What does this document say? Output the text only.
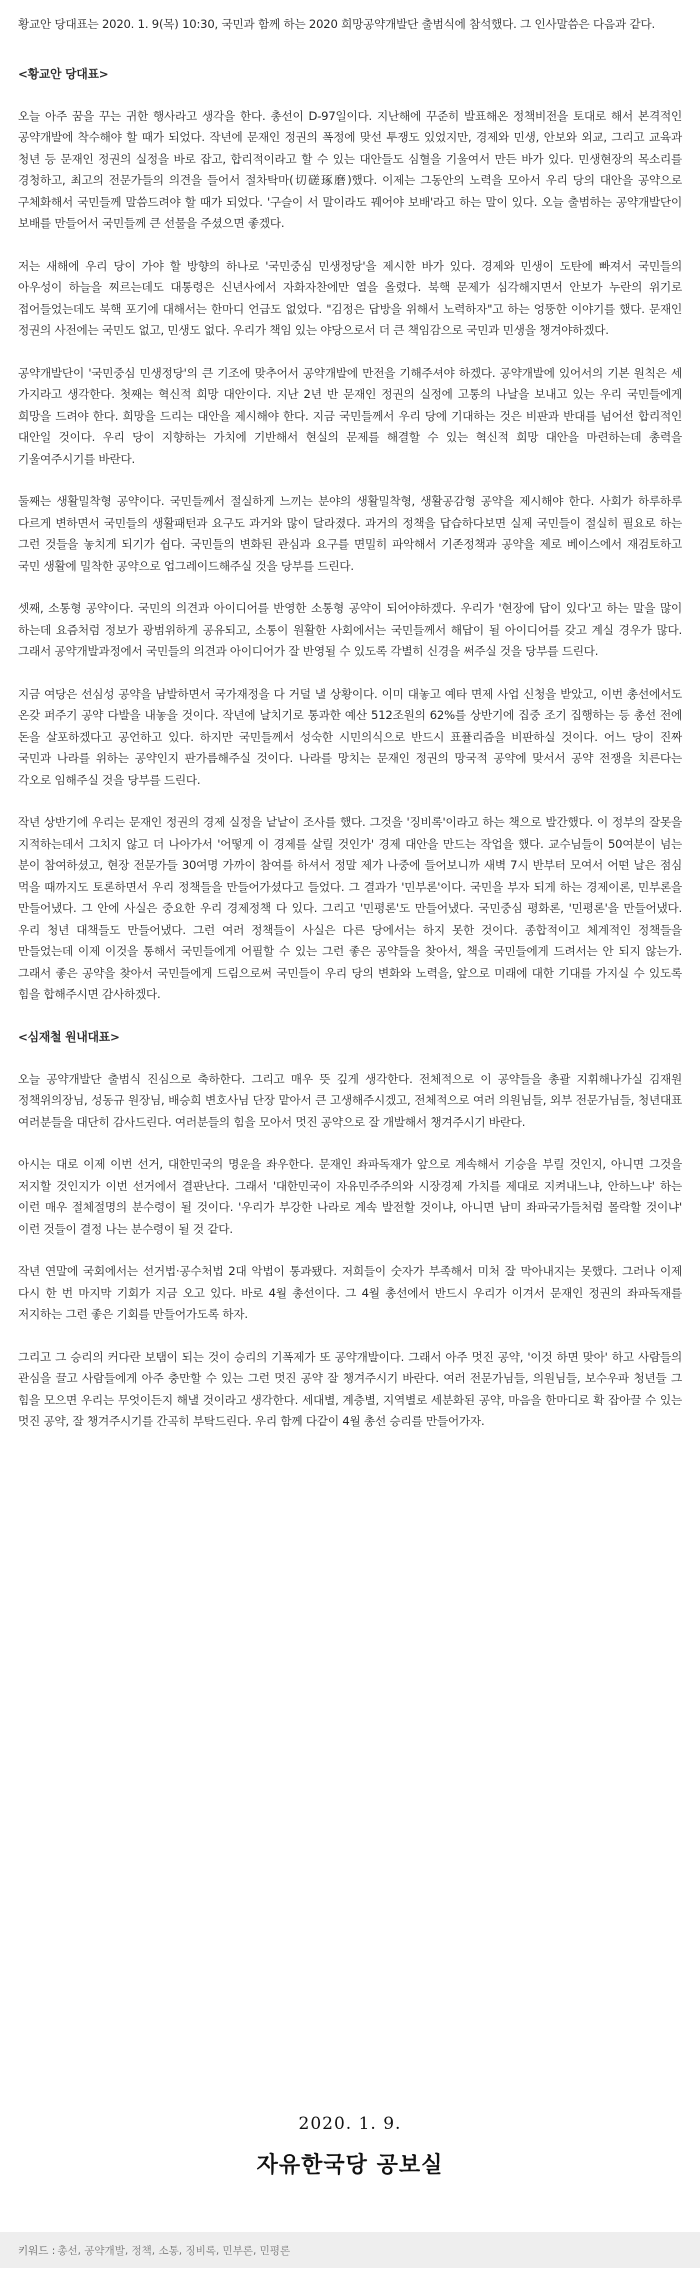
황교안 당대표는 2020. 1. 9(목) 10:30, 국민과 함께 하는 2020 희망공약개발단 출범식에 참석했다. 그 인사말씀은 다음과 같다.

<황교안 당대표>

오늘 아주 꿈을 꾸는 귀한 행사라고 생각을 한다. 총선이 D-97일이다. 지난해에 꾸준히 발표해온 정책비전을 토대로 해서 본격적인 공약개발에 착수해야 할 때가 되었다. 작년에 문재인 정권의 폭정에 맞선 투쟁도 있었지만, 경제와 민생, 안보와 외교, 그리고 교육과 청년 등 문재인 정권의 실정을 바로 잡고, 합리적이라고 할 수 있는 대안들도 심혈을 기울여서 만든 바가 있다. 민생현장의 목소리를 경청하고, 최고의 전문가들의 의견을 들어서 절차탁마(切磋琢磨)했다. 이제는 그동안의 노력을 모아서 우리 당의 대안을 공약으로 구체화해서 국민들께 말씀드려야 할 때가 되었다. '구슬이 서 말이라도 꿰어야 보배'라고 하는 말이 있다. 오늘 출범하는 공약개발단이 보배를 만들어서 국민들께 큰 선물을 주셨으면 좋겠다.

저는 새해에 우리 당이 가야 할 방향의 하나로 '국민중심 민생정당'을 제시한 바가 있다. 경제와 민생이 도탄에 빠져서 국민들의 아우성이 하늘을 찌르는데도 대통령은 신년사에서 자화자찬에만 열을 올렸다. 북핵 문제가 심각해지면서 안보가 누란의 위기로 접어들었는데도 북핵 포기에 대해서는 한마디 언급도 없었다. "김정은 답방을 위해서 노력하자"고 하는 엉뚱한 이야기를 했다. 문재인 정권의 사전에는 국민도 없고, 민생도 없다. 우리가 책임 있는 야당으로서 더 큰 책임감으로 국민과 민생을 챙겨야하겠다.

공약개발단이 '국민중심 민생정당'의 큰 기조에 맞추어서 공약개발에 만전을 기해주셔야 하겠다. 공약개발에 있어서의 기본 원칙은 세 가지라고 생각한다. 첫째는 혁신적 희망 대안이다. 지난 2년 반 문재인 정권의 실정에 고통의 나날을 보내고 있는 우리 국민들에게 희망을 드려야 한다. 희망을 드리는 대안을 제시해야 한다. 지금 국민들께서 우리 당에 기대하는 것은 비판과 반대를 넘어선 합리적인 대안일 것이다. 우리 당이 지향하는 가치에 기반해서 현실의 문제를 해결할 수 있는 혁신적 희망 대안을 마련하는데 총력을 기울여주시기를 바란다.

둘째는 생활밀착형 공약이다. 국민들께서 절실하게 느끼는 분야의 생활밀착형, 생활공감형 공약을 제시해야 한다. 사회가 하루하루 다르게 변하면서 국민들의 생활패턴과 요구도 과거와 많이 달라졌다. 과거의 정책을 답습하다보면 실제 국민들이 절실히 필요로 하는 그런 것들을 놓치게 되기가 쉽다. 국민들의 변화된 관심과 요구를 면밀히 파악해서 기존정책과 공약을 제로 베이스에서 재검토하고 국민 생활에 밀착한 공약으로 업그레이드해주실 것을 당부를 드린다.

셋째, 소통형 공약이다. 국민의 의견과 아이디어를 반영한 소통형 공약이 되어야하겠다. 우리가 '현장에 답이 있다'고 하는 말을 많이 하는데 요즘처럼 정보가 광범위하게 공유되고, 소통이 원활한 사회에서는 국민들께서 해답이 될 아이디어를 갖고 계실 경우가 많다. 그래서 공약개발과정에서 국민들의 의견과 아이디어가 잘 반영될 수 있도록 각별히 신경을 써주실 것을 당부를 드린다.

지금 여당은 선심성 공약을 남발하면서 국가재정을 다 거덜 낼 상황이다. 이미 대놓고 예타 면제 사업 신청을 받았고, 이번 총선에서도 온갖 퍼주기 공약 다발을 내놓을 것이다. 작년에 날치기로 통과한 예산 512조원의 62%를 상반기에 집중 조기 집행하는 등 총선 전에 돈을 살포하겠다고 공언하고 있다. 하지만 국민들께서 성숙한 시민의식으로 반드시 표퓰리즘을 비판하실 것이다. 어느 당이 진짜 국민과 나라를 위하는 공약인지 판가름해주실 것이다. 나라를 망치는 문재인 정권의 망국적 공약에 맞서서 공약 전쟁을 치른다는 각오로 임해주실 것을 당부를 드린다.

작년 상반기에 우리는 문재인 정권의 경제 실정을 낱낱이 조사를 했다. 그것을 '징비록'이라고 하는 책으로 발간했다. 이 정부의 잘못을 지적하는데서 그치지 않고 더 나아가서 '어떻게 이 경제를 살릴 것인가' 경제 대안을 만드는 작업을 했다. 교수님들이 50여분이 넘는 분이 참여하셨고, 현장 전문가들 30여명 가까이 참여를 하셔서 정말 제가 나중에 들어보니까 새벽 7시 반부터 모여서 어떤 날은 점심 먹을 때까지도 토론하면서 우리 정책들을 만들어가셨다고 들었다. 그 결과가 '민부론'이다. 국민을 부자 되게 하는 경제이론, 민부론을 만들어냈다. 그 안에 사실은 중요한 우리 경제정책 다 있다. 그리고 '민평론'도 만들어냈다. 국민중심 평화론, '민평론'을 만들어냈다. 우리 청년 대책들도 만들어냈다. 그런 여러 정책들이 사실은 다른 당에서는 하지 못한 것이다. 종합적이고 체계적인 정책들을 만들었는데 이제 이것을 통해서 국민들에게 어필할 수 있는 그런 좋은 공약들을 찾아서, 책을 국민들에게 드려서는 안 되지 않는가. 그래서 좋은 공약을 찾아서 국민들에게 드림으로써 국민들이 우리 당의 변화와 노력을, 앞으로 미래에 대한 기대를 가지실 수 있도록 힘을 합해주시면 감사하겠다.

<심재철 원내대표>

오늘 공약개발단 출범식 진심으로 축하한다. 그리고 매우 뜻 깊게 생각한다. 전체적으로 이 공약들을 총괄 지휘해나가실 김재원 정책위의장님, 성동규 원장님, 배승희 변호사님 단장 맡아서 큰 고생해주시겠고, 전체적으로 여러 의원님들, 외부 전문가님들, 청년대표 여러분들을 대단히 감사드린다. 여러분들의 힘을 모아서 멋진 공약으로 잘 개발해서 챙겨주시기 바란다.

아시는 대로 이제 이번 선거, 대한민국의 명운을 좌우한다. 문재인 좌파독재가 앞으로 계속해서 기승을 부릴 것인지, 아니면 그것을 저지할 것인지가 이번 선거에서 결판난다. 그래서 '대한민국이 자유민주주의와 시장경제 가치를 제대로 지켜내느냐, 안하느냐' 하는 이런 매우 절체절명의 분수령이 될 것이다. '우리가 부강한 나라로 계속 발전할 것이냐, 아니면 남미 좌파국가들처럼 몰락할 것이냐' 이런 것들이 결정 나는 분수령이 될 것 같다.

작년 연말에 국회에서는 선거법·공수처법 2대 악법이 통과됐다. 저희들이 숫자가 부족해서 미처 잘 막아내지는 못했다. 그러나 이제 다시 한 번 마지막 기회가 지금 오고 있다. 바로 4월 총선이다. 그 4월 총선에서 반드시 우리가 이겨서 문재인 정권의 좌파독재를 저지하는 그런 좋은 기회를 만들어가도록 하자.

그리고 그 승리의 커다란 보탬이 되는 것이 승리의 기폭제가 또 공약개발이다. 그래서 아주 멋진 공약, '이것 하면 맞아' 하고 사람들의 관심을 끌고 사람들에게 아주 충만할 수 있는 그런 멋진 공약 잘 챙겨주시기 바란다. 여러 전문가님들, 의원님들, 보수우파 청년들 그 힘을 모으면 우리는 무엇이든지 해낼 것이라고 생각한다. 세대별, 계층별, 지역별로 세분화된 공약, 마음을 한마디로 확 잡아끌 수 있는 멋진 공약, 잘 챙겨주시기를 간곡히 부탁드린다. 우리 함께 다같이 4월 총선 승리를 만들어가자.

2020. 1. 9.
자유한국당 공보실
키워드 : 총선, 공약개발, 정책, 소통, 징비록, 민부론, 민평론
